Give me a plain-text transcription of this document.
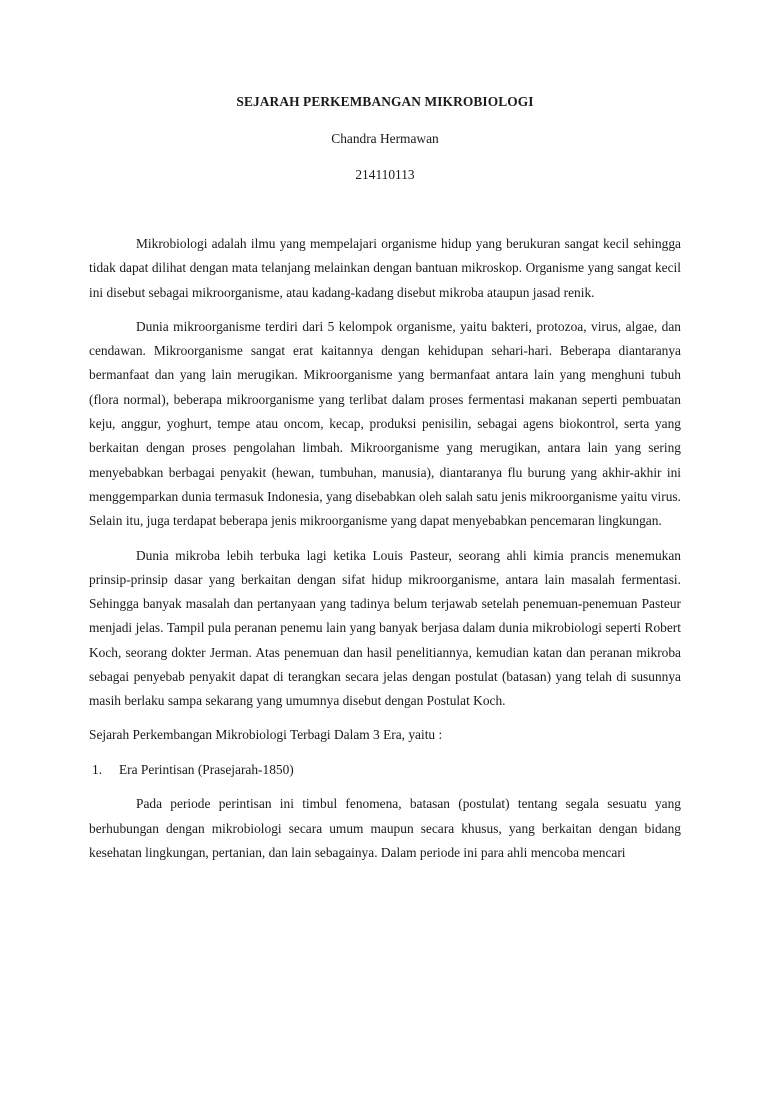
SEJARAH PERKEMBANGAN MIKROBIOLOGI

Chandra Hermawan

214110113

Mikrobiologi adalah ilmu yang mempelajari organisme hidup yang berukuran sangat kecil sehingga tidak dapat dilihat dengan mata telanjang melainkan dengan bantuan mikroskop. Organisme yang sangat kecil ini disebut sebagai mikroorganisme, atau kadang-kadang disebut mikroba ataupun jasad renik.

Dunia mikroorganisme terdiri dari 5 kelompok organisme, yaitu bakteri, protozoa, virus, algae, dan cendawan. Mikroorganisme sangat erat kaitannya dengan kehidupan sehari-hari. Beberapa diantaranya bermanfaat dan yang lain merugikan. Mikroorganisme yang bermanfaat antara lain yang menghuni tubuh (flora normal), beberapa mikroorganisme yang terlibat dalam proses fermentasi makanan seperti pembuatan keju, anggur, yoghurt, tempe atau oncom, kecap, produksi penisilin, sebagai agens biokontrol, serta yang berkaitan dengan proses pengolahan limbah. Mikroorganisme yang merugikan, antara lain yang sering menyebabkan berbagai penyakit (hewan, tumbuhan, manusia), diantaranya flu burung yang akhir-akhir ini menggemparkan dunia termasuk Indonesia, yang disebabkan oleh salah satu jenis mikroorganisme yaitu virus. Selain itu, juga terdapat beberapa jenis mikroorganisme yang dapat menyebabkan pencemaran lingkungan.

Dunia mikroba lebih terbuka lagi ketika Louis Pasteur, seorang ahli kimia prancis menemukan prinsip-prinsip dasar yang berkaitan dengan sifat hidup mikroorganisme, antara lain masalah fermentasi. Sehingga banyak masalah dan pertanyaan yang tadinya belum terjawab setelah penemuan-penemuan Pasteur menjadi jelas. Tampil pula peranan penemu lain yang banyak berjasa dalam dunia mikrobiologi seperti Robert Koch, seorang dokter Jerman. Atas penemuan dan hasil penelitiannya, kemudian katan dan peranan mikroba sebagai penyebab penyakit dapat di terangkan secara jelas dengan postulat (batasan) yang telah di susunnya masih berlaku sampa sekarang yang umumnya disebut dengan Postulat Koch.

Sejarah Perkembangan Mikrobiologi Terbagi Dalam 3 Era, yaitu :

1.	Era Perintisan (Prasejarah-1850)

Pada periode perintisan ini timbul fenomena, batasan (postulat) tentang segala sesuatu yang berhubungan dengan mikrobiologi secara umum maupun secara khusus, yang berkaitan dengan bidang kesehatan lingkungan, pertanian, dan lain sebagainya. Dalam periode ini para ahli mencoba mencari
